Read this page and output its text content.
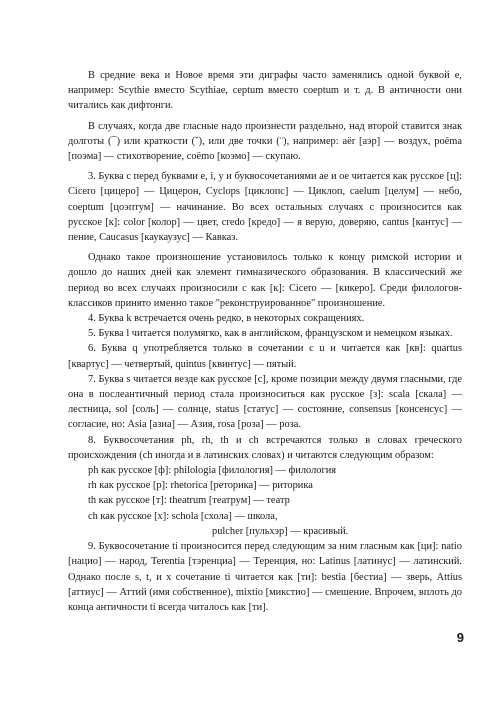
В средние века и Новое время эти диграфы часто заменялись одной буквой e, например: Scythie вместо Scythiae, ceptum вместо coeptum и т. д. В античности они читались как дифтонги.

В случаях, когда две гласные надо произнести раздельно, над второй ставится знак долготы (¯) или краткости (˘), или две точки (¨), например: aër [аэр] — воздух, poëma [поэма] — стихотворение, coëmo [коэмо] — скупаю.

3. Буква c перед буквами e, i, y и буквосочетаниями ae и oe читается как русское [ц]: Cicero [цицеро] — Цицерон, Cyclops [циклопс] — Циклоп, caelum [целум] — небо, coeptum [цоэптум] — начинание. Во всех остальных случаях c произносится как русское [к]: color [колор] — цвет, credo [кредо] — я верую, доверяю, cantus [кантус] — пение, Caucasus [каукаузус] — Кавказ.

Однако такое произношение установилось только к концу римской истории и дошло до наших дней как элемент гимназического образования. В классический же период во всех случаях произносили c как [к]: Cicero — [кикеро]. Среди филологов-классиков принято именно такое "реконструированное" произношение.

4. Буква k встречается очень редко, в некоторых сокращениях.

5. Буква l читается полумягко, как в английском, французском и немецком языках.

6. Буква q употребляется только в сочетании с u и читается как [кв]: quartus [квартус] — четвертый, quintus [квинтус] — пятый.

7. Буква s читается везде как русское [с], кроме позиции между двумя гласными, где она в послеантичный период стала произноситься как русское [з]: scala [скала] — лестница, sol [соль] — солнце, status [статус] — состояние, consensus [консенсус] — согласие, но: Asia [азиа] — Азия, rosa [роза] — роза.

8. Буквосочетания ph, rh, th и ch встречаются только в словах греческого происхождения (ch иногда и в латинских словах) и читаются следующим образом:

ph как русское [ф]: philologia [филология] — филология

rh как русское [р]: rhetorica [реторика] — риторика

th как русское [т]: theatrum [театрум] — театр

ch как русское [х]: schola [схола] — школа,

pulcher [пульхэр] — красивый.

9. Буквосочетание ti произносится перед следующим за ним гласным как [ци]: natio [нацио] — народ, Terentia [тэренциа] — Теренция, но: Latinus [латинус] — латинский. Однако после s, t, и x сочетание ti читается как [ти]: bestia [бестиа] — зверь, Attius [аттиус] — Аттий (имя собственное), mixtio [микстио] — смешение. Впрочем, вплоть до конца античности ti всегда читалось как [ти].

9
